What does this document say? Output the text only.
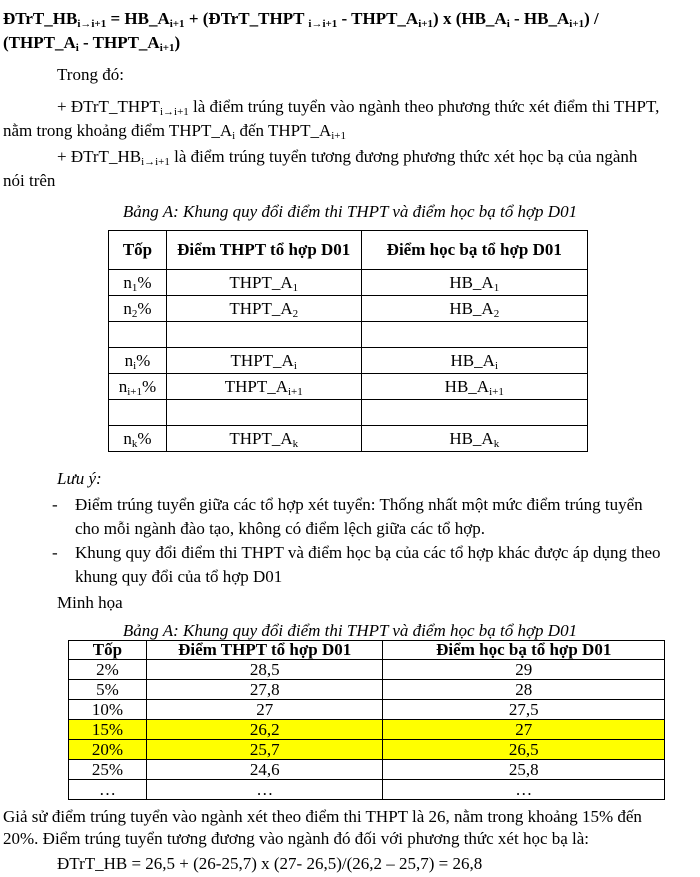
$ĐTrT\_HB_{i\to i+1}$ = $HB\_A_{i+1}$ + (ĐTrT_THPT $_{i\to i+1} - THPT\_A_{i+1}$) x ($HB\_A_i$ - $HB\_A_{i+1}$) /
($THPT\_A_i$ - $THPT\_A_{i+1}$)
Trong đó:
+ $ĐTrT\_THPT_{i\to i+1}$ là điểm trúng tuyển vào ngành theo phương thức xét điểm thi THPT,
nằm trong khoảng điểm $THPT\_A_i$ đến $THPT\_A_{i+1}$
+ $ĐTrT\_HB_{i\to i+1}$ là điểm trúng tuyển tương đương phương thức xét học bạ của ngành
nói trên
Bảng A: Khung quy đổi điểm thi THPT và điểm học bạ tổ hợp D01
Tốp	Điểm THPT tổ hợp D01	Điểm học bạ tổ hợp D01
$n_1\%$	$THPT\_A_1$	$HB\_A_1$
$n_2\%$	$THPT\_A_2$	$HB\_A_2$

$n_i\%$	$THPT\_A_i$	$HB\_A_i$
$n_{i+1}\%$	$THPT\_A_{i+1}$	$HB\_A_{i+1}$

$n_k\%$	$THPT\_A_k$	$HB\_A_k$
Lưu ý:
- Điểm trúng tuyển giữa các tổ hợp xét tuyển: Thống nhất một mức điểm trúng tuyển
cho mỗi ngành đào tạo, không có điểm lệch giữa các tổ hợp.
- Khung quy đổi điểm thi THPT và điểm học bạ của các tổ hợp khác được áp dụng theo
khung quy đổi của tổ hợp D01
Minh họa
Bảng A: Khung quy đổi điểm thi THPT và điểm học bạ tổ hợp D01
Tốp	Điểm THPT tổ hợp D01	Điểm học bạ tổ hợp D01
2%	28,5	29
5%	27,8	28
10%	27	27,5
15%	26,2	27
20%	25,7	26,5
25%	24,6	25,8
…	…	…
Giả sử điểm trúng tuyển vào ngành xét theo điểm thi THPT là 26, nằm trong khoảng 15% đến
20%. Điểm trúng tuyển tương đương vào ngành đó đối với phương thức xét học bạ là:
ĐTrT_HB = 26,5 + (26-25,7) x (27- 26,5)/(26,2 – 25,7) = 26,8
